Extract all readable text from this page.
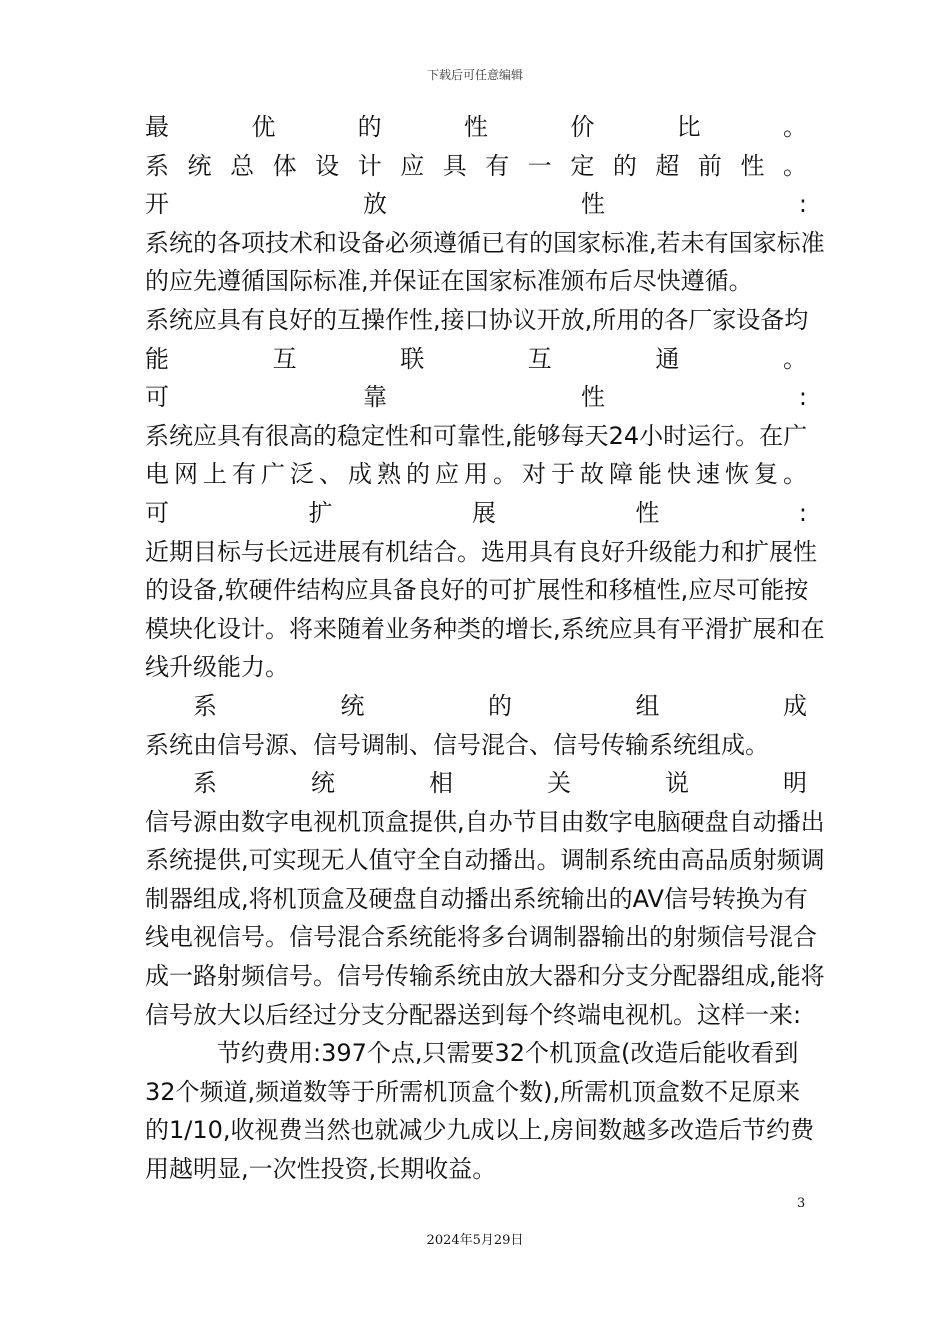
下载后可任意编辑
最	优	的	性	价	比	。
系 统 总 体 设 计 应 具 有 一 定 的 超 前 性 。
开	放	性	:
系统的各项技术和设备必须遵循已有的国家标准,若未有国家标准
的应先遵循国际标准,并保证在国家标准颁布后尽快遵循。
系统应具有良好的互操作性,接口协议开放,所用的各厂家设备均
能	互	联	互	通	。
可	靠	性	:
系统应具有很高的稳定性和可靠性,能够每天24小时运行。在广
电 网 上 有 广 泛 、 成 熟 的 应 用 。 对 于 故 障 能 快 速 恢 复 。
可	扩	展	性	:
近期目标与长远进展有机结合。选用具有良好升级能力和扩展性
的设备,软硬件结构应具备良好的可扩展性和移植性,应尽可能按
模块化设计。将来随着业务种类的增长,系统应具有平滑扩展和在
线升级能力。
系	统	的	组	成
系统由信号源、信号调制、信号混合、信号传输系统组成。
系	统	相	关	说	明
信号源由数字电视机顶盒提供,自办节目由数字电脑硬盘自动播出
系统提供,可实现无人值守全自动播出。调制系统由高品质射频调
制器组成,将机顶盒及硬盘自动播出系统输出的AV信号转换为有
线电视信号。信号混合系统能将多台调制器输出的射频信号混合
成一路射频信号。信号传输系统由放大器和分支分配器组成,能将
信号放大以后经过分支分配器送到每个终端电视机。这样一来:
节约费用:397个点,只需要32个机顶盒(改造后能收看到
32个频道,频道数等于所需机顶盒个数),所需机顶盒数不足原来
的1/10,收视费当然也就减少九成以上,房间数越多改造后节约费
用越明显,一次性投资,长期收益。
3
2024年5月29日
